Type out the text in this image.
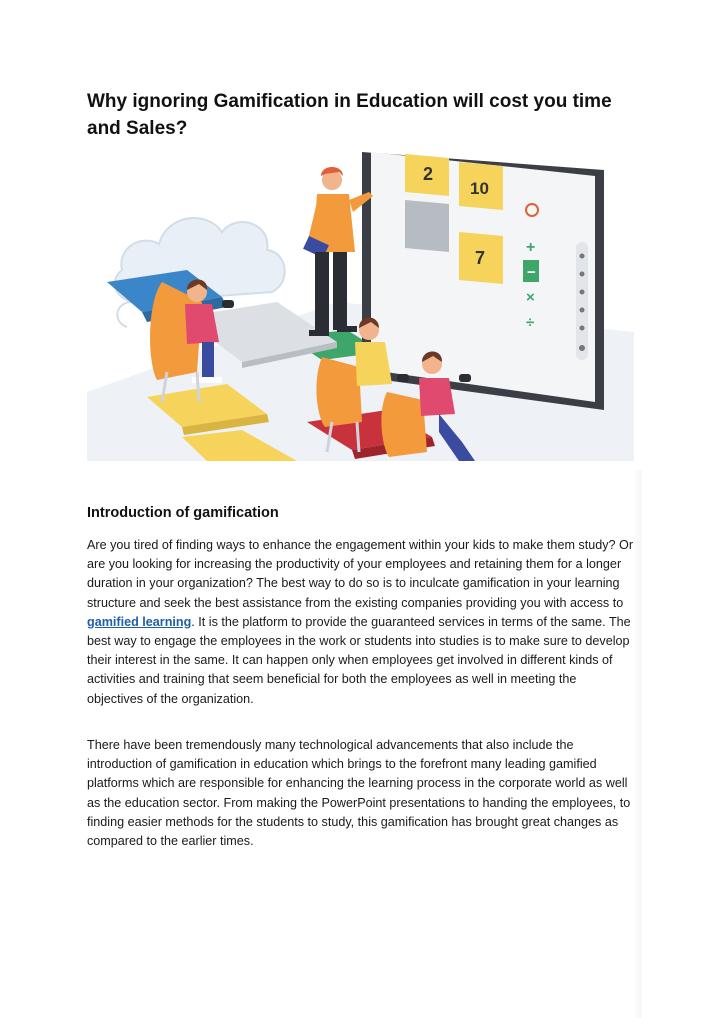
Why ignoring Gamification in Education will cost you time and Sales?
2
10
7
+
−
×
÷
Introduction of gamification

Are you tired of finding ways to enhance the engagement within your kids to make them study? Or are you looking for increasing the productivity of your employees and retaining them for a longer duration in your organization? The best way to do so is to inculcate gamification in your learning structure and seek the best assistance from the existing companies providing you with access to gamified learning. It is the platform to provide the guaranteed services in terms of the same. The best way to engage the employees in the work or students into studies is to make sure to develop their interest in the same. It can happen only when employees get involved in different kinds of activities and training that seem beneficial for both the employees as well in meeting the objectives of the organization.

There have been tremendously many technological advancements that also include the introduction of gamification in education which brings to the forefront many leading gamified platforms which are responsible for enhancing the learning process in the corporate world as well as the education sector. From making the PowerPoint presentations to handing the employees, to finding easier methods for the students to study, this gamification has brought great changes as compared to the earlier times.
